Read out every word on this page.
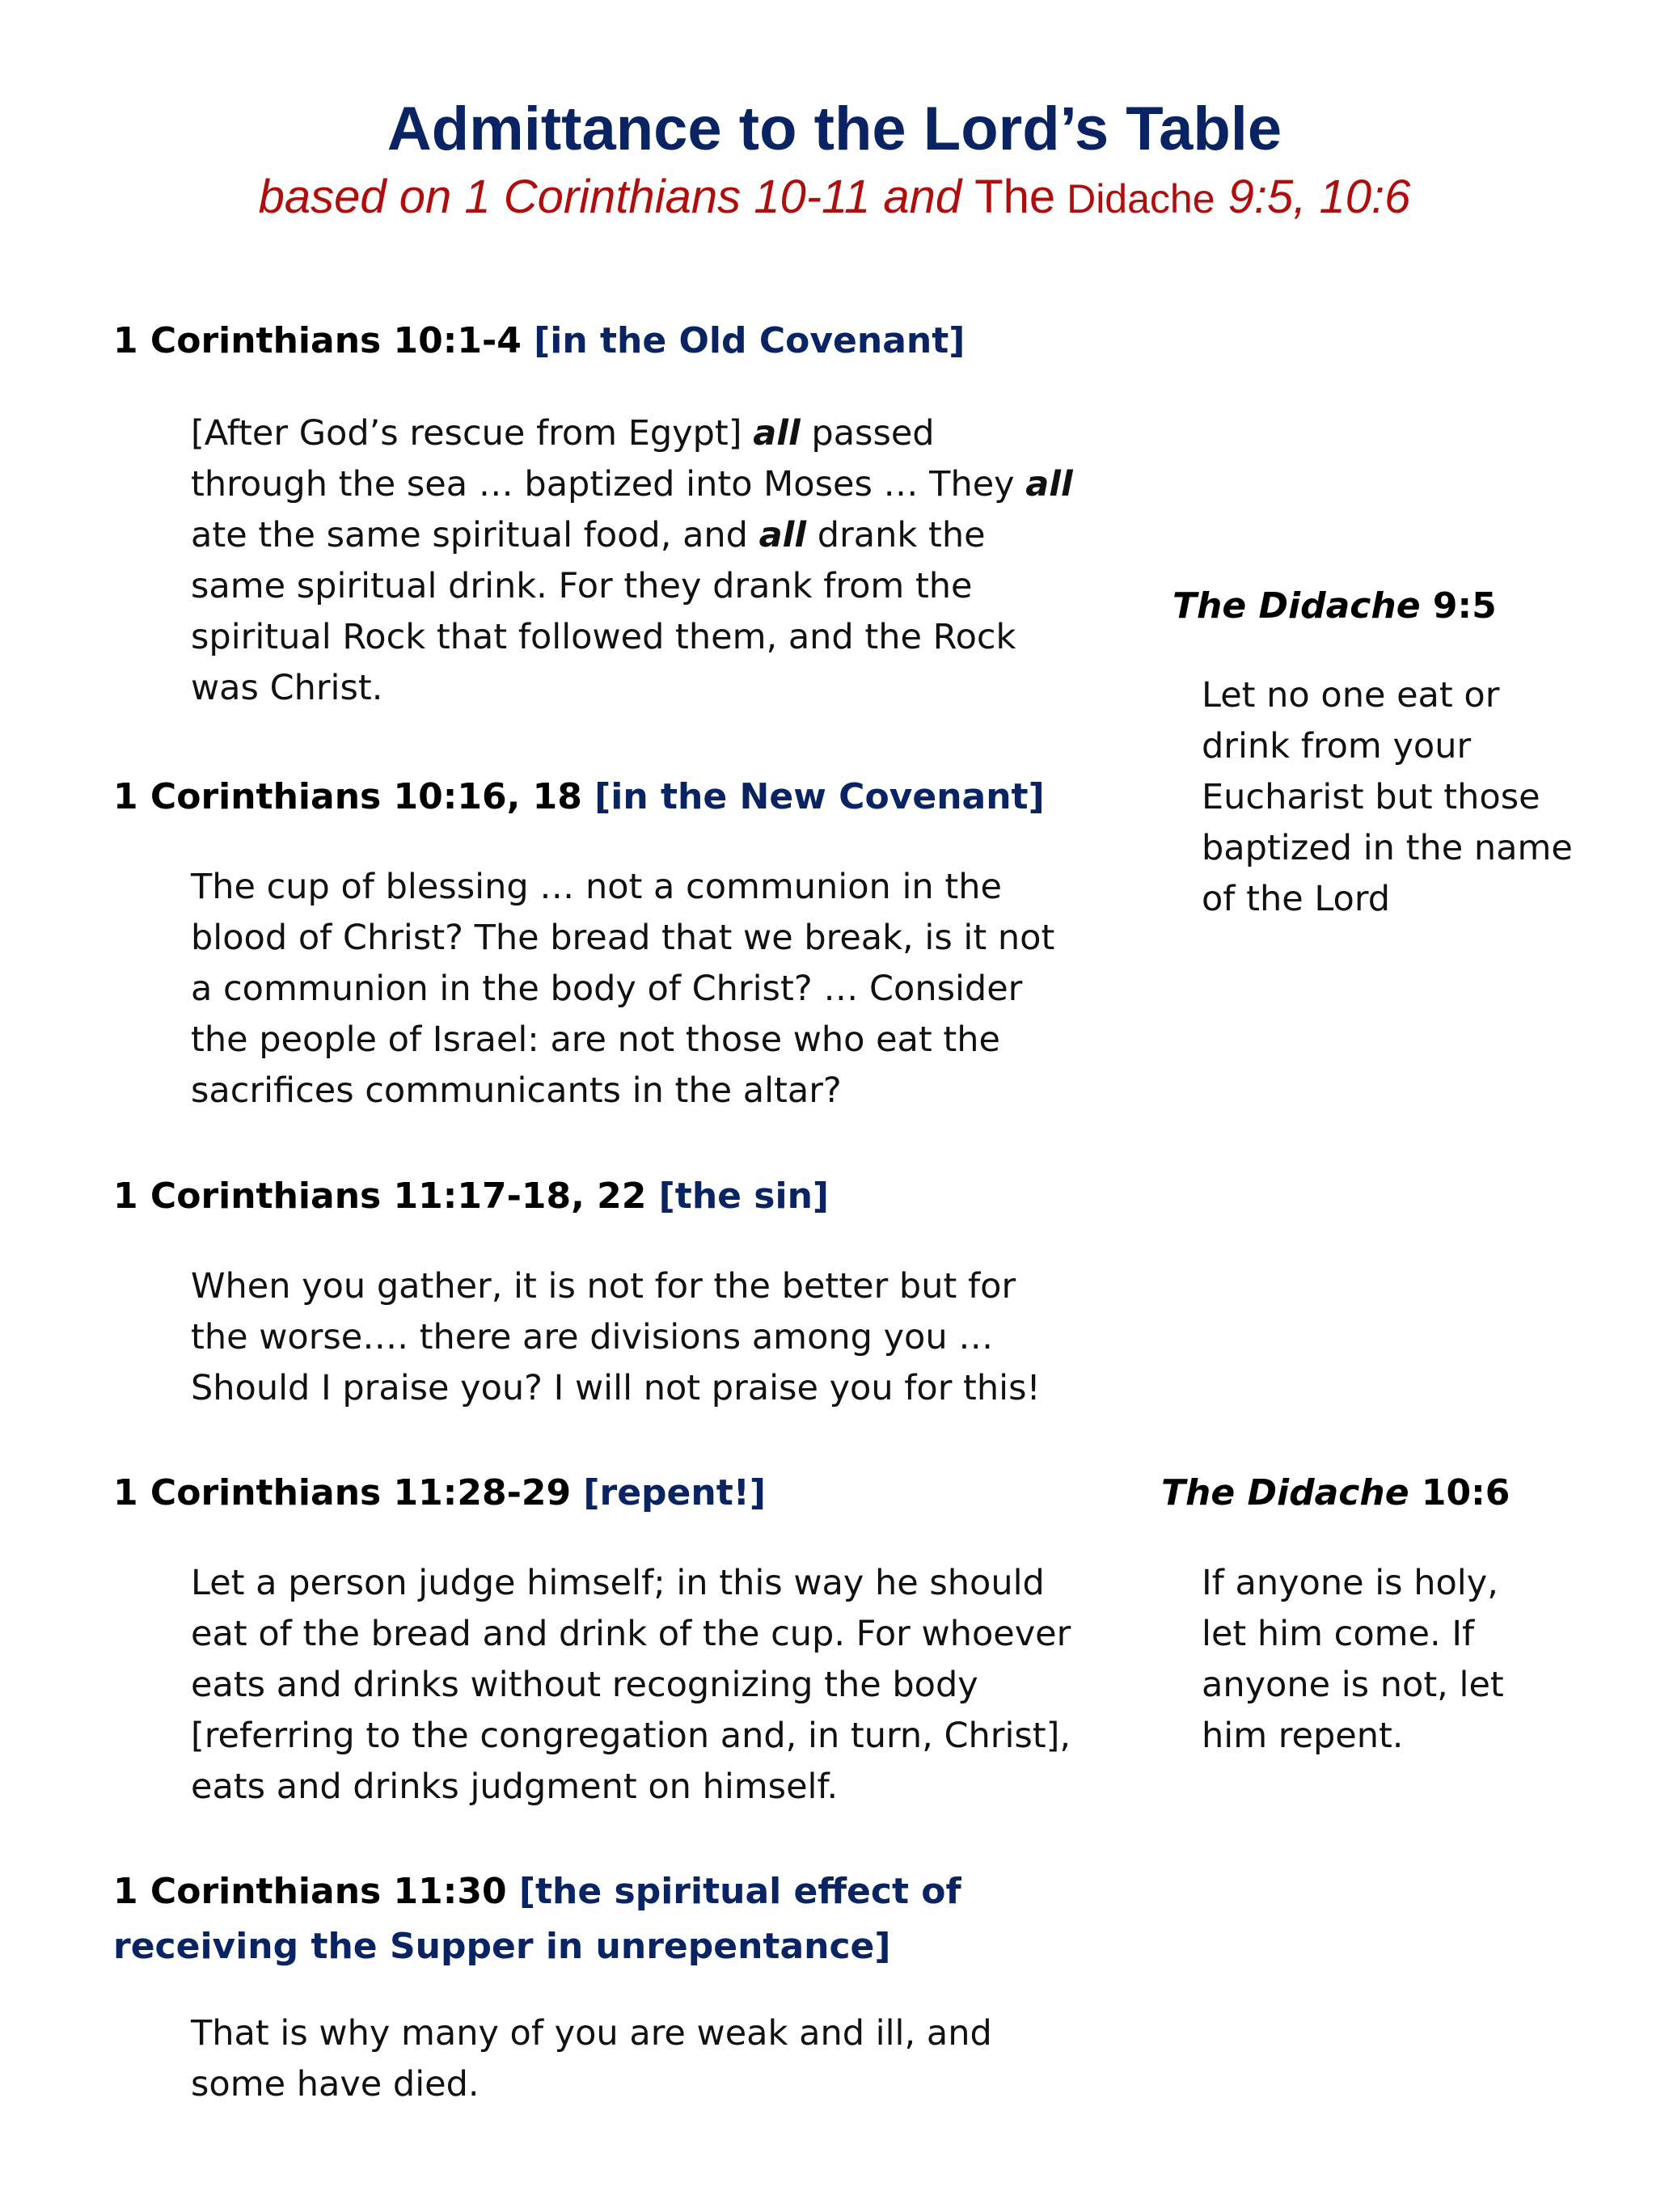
Admittance to the Lord’s Table

based on 1 Corinthians 10-11 and The Didache 9:5, 10:6

1 Corinthians 10:1-4 [in the Old Covenant]

[After God’s rescue from Egypt] all passed through the sea … baptized into Moses … They all ate the same spiritual food, and all drank the same spiritual drink. For they drank from the spiritual Rock that followed them, and the Rock was Christ.

1 Corinthians 10:16, 18 [in the New Covenant]

The cup of blessing … not a communion in the blood of Christ? The bread that we break, is it not a communion in the body of Christ? … Consider the people of Israel: are not those who eat the sacrifices communicants in the altar?

1 Corinthians 11:17-18, 22 [the sin]

When you gather, it is not for the better but for the worse…. there are divisions among you … Should I praise you? I will not praise you for this!

1 Corinthians 11:28-29 [repent!]

Let a person judge himself; in this way he should eat of the bread and drink of the cup. For whoever eats and drinks without recognizing the body [referring to the congregation and, in turn, Christ], eats and drinks judgment on himself.

1 Corinthians 11:30 [the spiritual effect of
receiving the Supper in unrepentance]

That is why many of you are weak and ill, and some have died.

The Didache 9:5

Let no one eat or drink from your Eucharist but those baptized in the name of the Lord

The Didache 10:6

If anyone is holy, let him come. If anyone is not, let him repent.
